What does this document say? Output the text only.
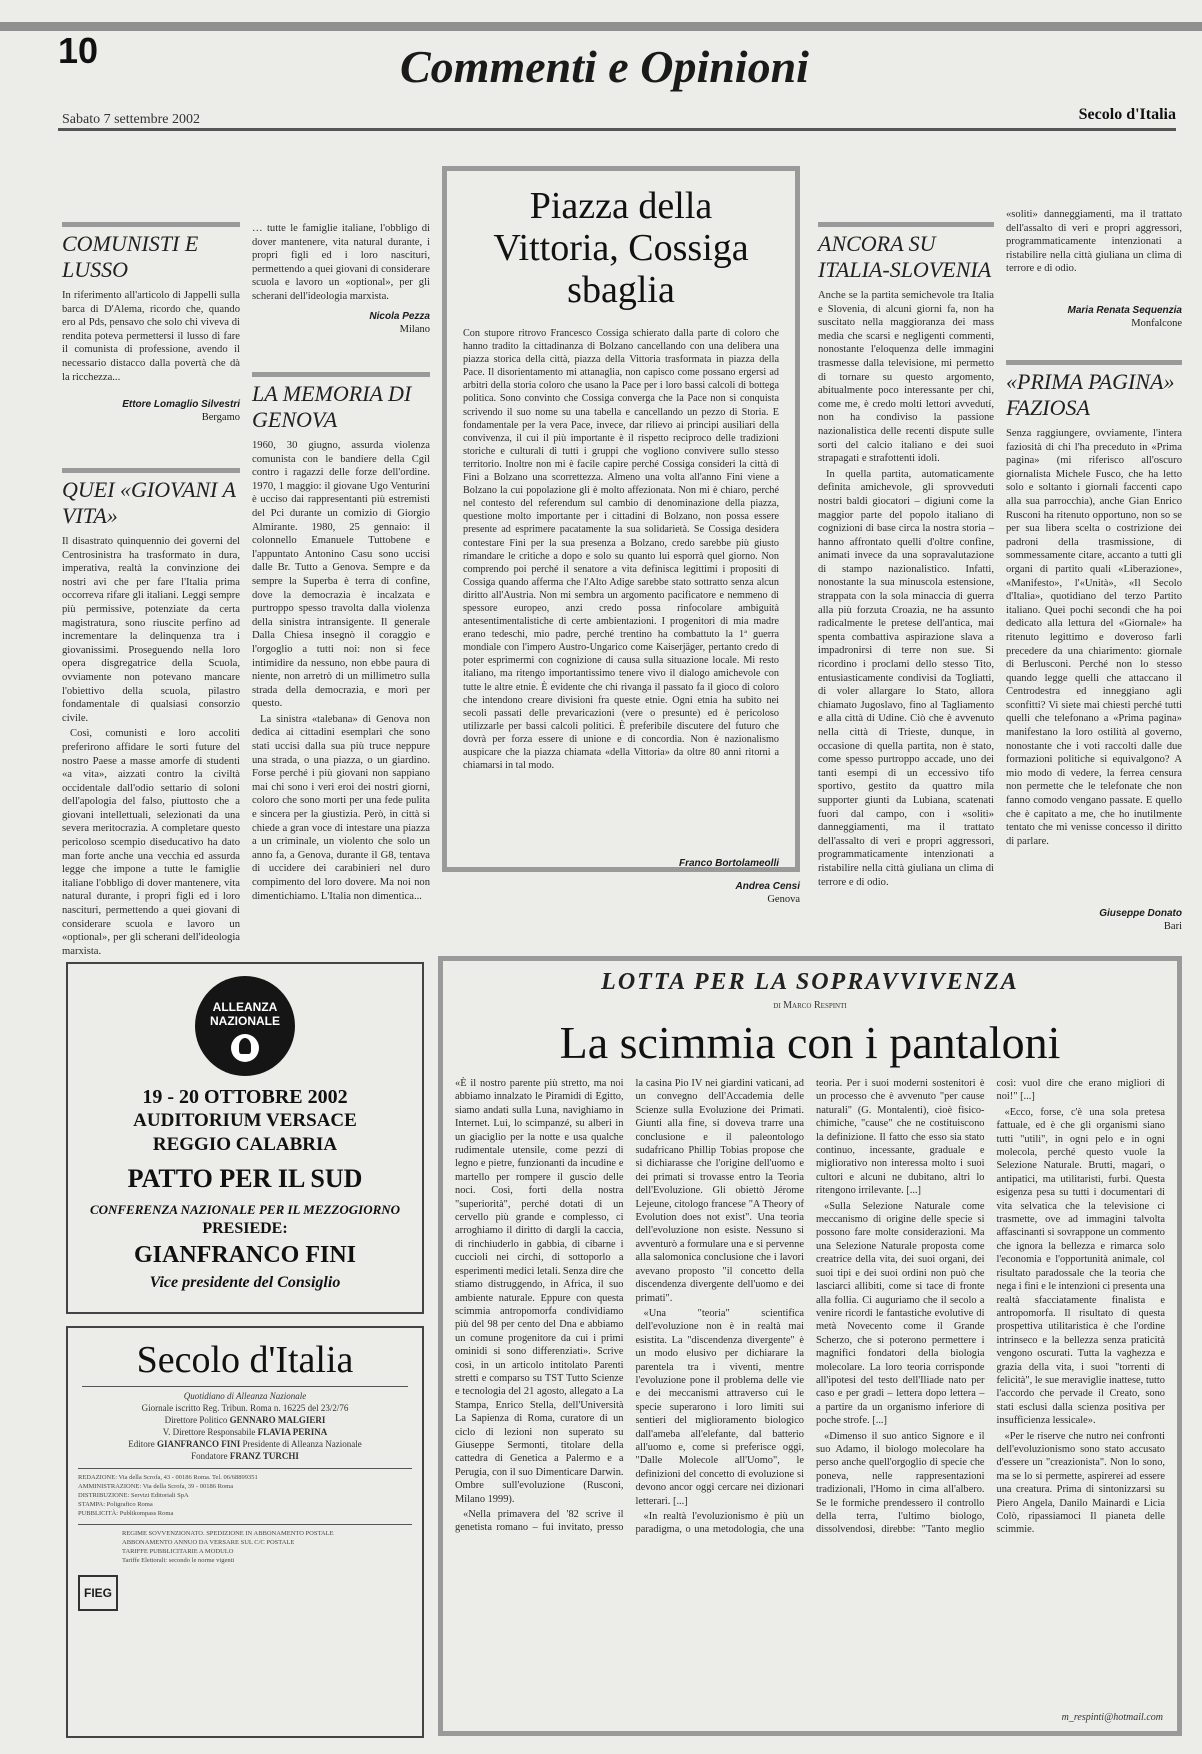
10	Commenti e Opinioni
Sabato 7 settembre 2002	Secolo d'Italia
COMUNISTI E LUSSO

In riferimento all'articolo di Jappelli sulla barca di D'Alema, ricordo che, quando ero al Pds, pensavo che solo chi viveva di rendita poteva permettersi il lusso di fare il comunista di professione, avendo il necessario distacco dalla povertà che dà la ricchezza...

Ettore Lomaglio Silvestri
Bergamo
QUEI «GIOVANI A VITA»

Il disastrato quinquennio dei governi del Centrosinistra ha trasformato in dura, imperativa, realtà la convinzione dei nostri avi che per fare l'Italia prima occorreva rifare gli italiani. Leggi sempre più permissive, potenziate da certa magistratura, sono riuscite perfino ad incrementare la delinquenza tra i giovanissimi. Proseguendo nella loro opera disgregatrice della Scuola, ovviamente non potevano mancare l'obiettivo della scuola, pilastro fondamentale di qualsiasi consorzio civile.

Così, comunisti e loro accoliti preferirono affidare le sorti future del nostro Paese a masse amorfe di studenti «a vita», aizzati contro la civiltà occidentale dall'odio settario di soloni dell'apologia del falso, piuttosto che a giovani intellettuali, selezionati da una severa meritocrazia. A completare questo pericoloso scempio diseducativo ha dato man forte anche una vecchia ed assurda legge che impone a tutte le famiglie italiane l'obbligo di dover mantenere, vita natural durante, i propri figli ed i loro nascituri, permettendo a quei giovani di considerare scuola e lavoro un «optional», per gli scherani dell'ideologia marxista.

… tutte le famiglie italiane, l'obbligo di dover mantenere, vita natural durante, i propri figli ed i loro nascituri, permettendo a quei giovani di considerare scuola e lavoro un «optional», per gli scherani dell'ideologia marxista.

Nicola Pezza
Milano
LA MEMORIA DI GENOVA

1960, 30 giugno, assurda violenza comunista con le bandiere della Cgil contro i ragazzi delle forze dell'ordine. 1970, 1 maggio: il giovane Ugo Venturini è ucciso dai rappresentanti più estremisti del Pci durante un comizio di Giorgio Almirante. 1980, 25 gennaio: il colonnello Emanuele Tuttobene e l'appuntato Antonino Casu sono uccisi dalle Br. Tutto a Genova. Sempre e da sempre la Superba è terra di confine, dove la democrazia è incalzata e purtroppo spesso travolta dalla violenza della sinistra intransigente. Il generale Dalla Chiesa insegnò il coraggio e l'orgoglio a tutti noi: non si fece intimidire da nessuno, non ebbe paura di niente, non arretrò di un millimetro sulla strada della democrazia, e morì per questo.

La sinistra «talebana» di Genova non dedica ai cittadini esemplari che sono stati uccisi dalla sua più truce neppure una strada, o una piazza, o un giardino. Forse perché i più giovani non sappiano mai chi sono i veri eroi dei nostri giorni, coloro che sono morti per una fede pulita e sincera per la giustizia. Però, in città si chiede a gran voce di intestare una piazza a un criminale, un violento che solo un anno fa, a Genova, durante il G8, tentava di uccidere dei carabinieri nel duro compimento del loro dovere. Ma noi non dimentichiamo. L'Italia non dimentica...

Piazza della Vittoria, Cossiga sbaglia

Con stupore ritrovo Francesco Cossiga schierato dalla parte di coloro che hanno tradito la cittadinanza di Bolzano cancellando con una delibera una piazza storica della città, piazza della Vittoria trasformata in piazza della Pace. Il disorientamento mi attanaglia, non capisco come possano ergersi ad arbitri della storia coloro che usano la Pace per i loro bassi calcoli di bottega politica. Sono convinto che Cossiga converga che la Pace non si conquista scrivendo il suo nome su una tabella e cancellando un pezzo di Storia. E fondamentale per la vera Pace, invece, dar rilievo ai principi ausiliari della convivenza, il cui il più importante è il rispetto reciproco delle tradizioni storiche e culturali di tutti i gruppi che vogliono convivere sullo stesso territorio. Inoltre non mi è facile capire perché Cossiga consideri la città di Fini a Bolzano una scorrettezza. Almeno una volta all'anno Fini viene a Bolzano la cui popolazione gli è molto affezionata. Non mi è chiaro, perché nel contesto del referendum sul cambio di denominazione della piazza, questione molto importante per i cittadini di Bolzano, non possa essere presente ad esprimere pacatamente la sua solidarietà. Se Cossiga desidera contestare Fini per la sua presenza a Bolzano, credo sarebbe più giusto rimandare le critiche a dopo e solo su quanto lui esporrà quel giorno. Non comprendo poi perché il senatore a vita definisca legittimi i propositi di Cossiga quando afferma che l'Alto Adige sarebbe stato sottratto senza alcun diritto all'Austria. Non mi sembra un argomento pacificatore e nemmeno di spessore europeo, anzi credo possa rinfocolare ambiguità antesentimentalistiche di certe ambientazioni. I progenitori di mia madre erano tedeschi, mio padre, perché trentino ha combattuto la 1ª guerra mondiale con l'impero Austro-Ungarico come Kaiserjäger, pertanto credo di poter esprimermi con cognizione di causa sulla situazione locale. Mi resto italiano, ma ritengo importantissimo tenere vivo il dialogo amichevole con tutte le altre etnie. È evidente che chi rivanga il passato fa il gioco di coloro che intendono creare divisioni fra queste etnie. Ogni etnia ha subìto nei secoli passati delle prevaricazioni (vere o presunte) ed è pericoloso utilizzarle per bassi calcoli politici. È preferibile discutere del futuro che dovrà per forza essere di unione e di concordia. Non è nazionalismo auspicare che la piazza chiamata «della Vittoria» da oltre 80 anni ritorni a chiamarsi in tal modo.

Franco Bortolameolli
Andrea Censi
Genova
ANCORA SU ITALIA-SLOVENIA

Anche se la partita semichevole tra Italia e Slovenia, di alcuni giorni fa, non ha suscitato nella maggioranza dei mass media che scarsi e negligenti commenti, nonostante l'eloquenza delle immagini trasmesse dalla televisione, mi permetto di tornare su questo argomento, abitualmente poco interessante per chi, come me, è credo molti lettori avvedutí, non ha condiviso la passione nazionalistica delle recenti dispute sulle sorti del calcio italiano e dei suoi strapagati e strafottenti idoli.

In quella partita, automaticamente definita amichevole, gli sprovveduti nostri baldi giocatori – digiuni come la maggior parte del popolo italiano di cognizioni di base circa la nostra storia – hanno affrontato quelli d'oltre confine, animati invece da una sopravalutazione di stampo nazionalistico. Infatti, nonostante la sua minuscola estensione, strappata con la sola minaccia di guerra alla più forzuta Croazia, ne ha assunto radicalmente le pretese dell'antica, mai spenta combattiva aspirazione slava a impadronirsi di terre non sue. Si ricordino i proclami dello stesso Tito, entusiasticamente condivisi da Togliatti, di voler allargare lo Stato, allora chiamato Jugoslavo, fino al Tagliamento e alla città di Udine. Ciò che è avvenuto nella città di Trieste, dunque, in occasione di quella partita, non è stato, come spesso purtroppo accade, uno dei tanti esempi di un eccessivo tifo sportivo, gestito da quattro mila supporter giunti da Lubiana, scatenati fuori dal campo, con i «soliti» danneggiamenti, ma il trattato dell'assalto di veri e propri aggressori, programmaticamente intenzionati a ristabilire nella città giuliana un clima di terrore e di odio.

«soliti» danneggiamenti, ma il trattato dell'assalto di veri e propri aggressori, programmaticamente intenzionati a ristabilire nella città giuliana un clima di terrore e di odio.

Maria Renata Sequenzia
Monfalcone
«PRIMA PAGINA» FAZIOSA

Senza raggiungere, ovviamente, l'intera faziosità di chi l'ha preceduto in «Prima pagina» (mi riferisco all'oscuro giornalista Michele Fusco, che ha letto solo e soltanto i giornali faccenti capo alla sua parrocchia), anche Gian Enrico Rusconi ha ritenuto opportuno, non so se per sua libera scelta o costrizione dei padroni della trasmissione, di sommessamente citare, accanto a tutti gli organi di partito quali «Liberazione», «Manifesto», l'«Unità», «Il Secolo d'Italia», quotidiano del terzo Partito italiano. Quei pochi secondi che ha poi dedicato alla lettura del «Giornale» ha ritenuto legittimo e doveroso farli precedere da una chiarimento: giornale di Berlusconi. Perché non lo stesso quando legge quelli che attaccano il Centrodestra ed inneggiano agli sconfitti? Vi siete mai chiesti perché tutti quelli che telefonano a «Prima pagina» manifestano la loro ostilità al governo, nonostante che i voti raccolti dalle due formazioni politiche si equivalgono? A mio modo di vedere, la ferrea censura non permette che le telefonate che non fanno comodo vengano passate. E quello che è capitato a me, che ho inutilmente tentato che mi venisse concesso il diritto di parlare.

Giuseppe Donato
Bari
ALLEANZA
NAZIONALE
19 - 20 OTTOBRE 2002
AUDITORIUM VERSACE
REGGIO CALABRIA
PATTO PER IL SUD
CONFERENZA NAZIONALE PER IL MEZZOGIORNO
PRESIEDE:
GIANFRANCO FINI
Vice presidente del Consiglio
Secolo d'Italia
Quotidiano di Alleanza Nazionale
Giornale iscritto Reg. Tribun. Roma n. 16225 del 23/2/76
Direttore Politico GENNARO MALGIERI
V. Direttore Responsabile FLAVIA PERINA
Editore GIANFRANCO FINI Presidente di Alleanza Nazionale
Fondatore FRANZ TURCHI
REDAZIONE: Via della Scrofa, 43 - 00186 Roma. Tel. 06/68899351
AMMINISTRAZIONE: Via della Scrofa, 39 - 00186 Roma
DISTRIBUZIONE: Servizi Editoriali SpA
STAMPA: Poligrafico Roma
PUBBLICITÀ: Publikompass Roma
FIEG
REGIME SOVVENZIONATO. SPEDIZIONE IN ABBONAMENTO POSTALE
ABBONAMENTO ANNUO DA VERSARE SUL C/C POSTALE
TARIFFE PUBBLICITARIE A MODULO
Tariffe Elettorali: secondo le norme vigenti
LOTTA PER LA SOPRAVVIVENZA
di Marco Respinti
La scimmia con i pantaloni

«È il nostro parente più stretto, ma noi abbiamo innalzato le Piramidi di Egitto, siamo andati sulla Luna, navighiamo in Internet. Lui, lo scimpanzé, su alberi in un giaciglio per la notte e usa qualche rudimentale utensile, come pezzi di legno e pietre, funzionanti da incudine e martello per rompere il guscio delle noci. Così, forti della nostra "superiorità", perché dotati di un cervello più grande e complesso, ci arroghiamo il diritto di dargli la caccia, di rinchiuderlo in gabbia, di cibarne i cuccioli nei circhi, di sottoporlo a esperimenti medici letali. Senza dire che stiamo distruggendo, in Africa, il suo ambiente naturale. Eppure con questa scimmia antropomorfa condividiamo più del 98 per cento del Dna e abbiamo un comune progenitore da cui i primi ominidi si sono differenziati». Scrive così, in un articolo intitolato Parenti stretti e comparso su TST Tutto Scienze e tecnologia del 21 agosto, allegato a La Stampa, Enrico Stella, dell'Università La Sapienza di Roma, curatore di un ciclo di lezioni non superato su Giuseppe Sermonti, titolare della cattedra di Genetica a Palermo e a Perugia, con il suo Dimenticare Darwin. Ombre sull'evoluzione (Rusconi, Milano 1999).

«Nella primavera del '82 scrive il genetista romano – fui invitato, presso la casina Pio IV nei giardini vaticani, ad un convegno dell'Accademia delle Scienze sulla Evoluzione dei Primati. Giunti alla fine, si doveva trarre una conclusione e il paleontologo sudafricano Phillip Tobias propose che si dichiarasse che l'origine dell'uomo e dei primati si trovasse entro la Teoria dell'Evoluzione. Gli obiettò Jérome Lejeune, citologo francese "A Theory of Evolution does not exist". Una teoria dell'evoluzione non esiste. Nessuno si avventurò a formulare una e si pervenne alla salomonica conclusione che i lavori avevano proposto "il concetto della discendenza divergente dell'uomo e dei primati".

«Una "teoria" scientifica dell'evoluzione non è in realtà mai esistita. La "discendenza divergente" è un modo elusivo per dichiarare la parentela tra i viventi, mentre l'evoluzione pone il problema delle vie e dei meccanismi attraverso cui le specie superarono i loro limiti sui sentieri del miglioramento biologico dall'ameba all'elefante, dal batterio all'uomo e, come si preferisce oggi, "Dalle Molecole all'Uomo", le definizioni del concetto di evoluzione si devono ancor oggi cercare nei dizionari letterari. [...]

«In realtà l'evoluzionismo è più un paradigma, o una metodologia, che una teoria. Per i suoi moderni sostenitori è un processo che è avvenuto "per cause naturali" (G. Montalenti), cioè fisico-chimiche, "cause" che ne costituiscono la definizione. Il fatto che esso sia stato continuo, incessante, graduale e migliorativo non interessa molto i suoi cultori e alcuni ne dubitano, altri lo ritengono irrilevante. [...]

«Sulla Selezione Naturale come meccanismo di origine delle specie si possono fare molte considerazioni. Ma una Selezione Naturale proposta come creatrice della vita, dei suoi organi, dei suoi tipi e dei suoi ordini non può che lasciarci allibiti, come si tace di fronte alla follia. Ci auguriamo che il secolo a venire ricordi le fantastiche evolutive di metà Novecento come il Grande Scherzo, che si poterono permettere i magnifici fondatori della biologia molecolare. La loro teoria corrisponde all'ipotesi del testo dell'Iliade nato per caso e per gradi – lettera dopo lettera – a partire da un organismo inferiore di poche strofe. [...]

«Dimenso il suo antico Signore e il suo Adamo, il biologo molecolare ha perso anche quell'orgoglio di specie che poneva, nelle rappresentazioni tradizionali, l'Homo in cima all'albero. Se le formiche prendessero il controllo della terra, l'ultimo biologo, dissolvendosi, direbbe: "Tanto meglio così: vuol dire che erano migliori di noi!" [...]

«Ecco, forse, c'è una sola pretesa fattuale, ed è che gli organismi siano tutti "utili", in ogni pelo e in ogni molecola, perché questo vuole la Selezione Naturale. Brutti, magari, o antipatici, ma utilitaristi, furbi. Questa esigenza pesa su tutti i documentari di vita selvatica che la televisione ci trasmette, ove ad immagini talvolta affascinanti si sovrappone un commento che ignora la bellezza e rimarca solo l'economia e l'opportunità animale, col risultato paradossale che la teoria che nega i fini e le intenzioni ci presenta una realtà sfacciatamente finalista e antropomorfa. Il risultato di questa prospettiva utilitaristica è che l'ordine intrinseco e la bellezza senza praticità vengono oscurati. Tutta la vaghezza e grazia della vita, i suoi "torrenti di felicità", le sue meraviglie inattese, tutto l'accordo che pervade il Creato, sono stati esclusi dalla scienza positiva per insufficienza lessicale».

«Per le riserve che nutro nei confronti dell'evoluzionismo sono stato accusato d'essere un "creazionista". Non lo sono, ma se lo si permette, aspirerei ad essere una creatura. Prima di sintonizzarsi su Piero Angela, Danilo Mainardi e Licia Colò, ripassiamoci Il pianeta delle scimmie.

m_respinti@hotmail.com
